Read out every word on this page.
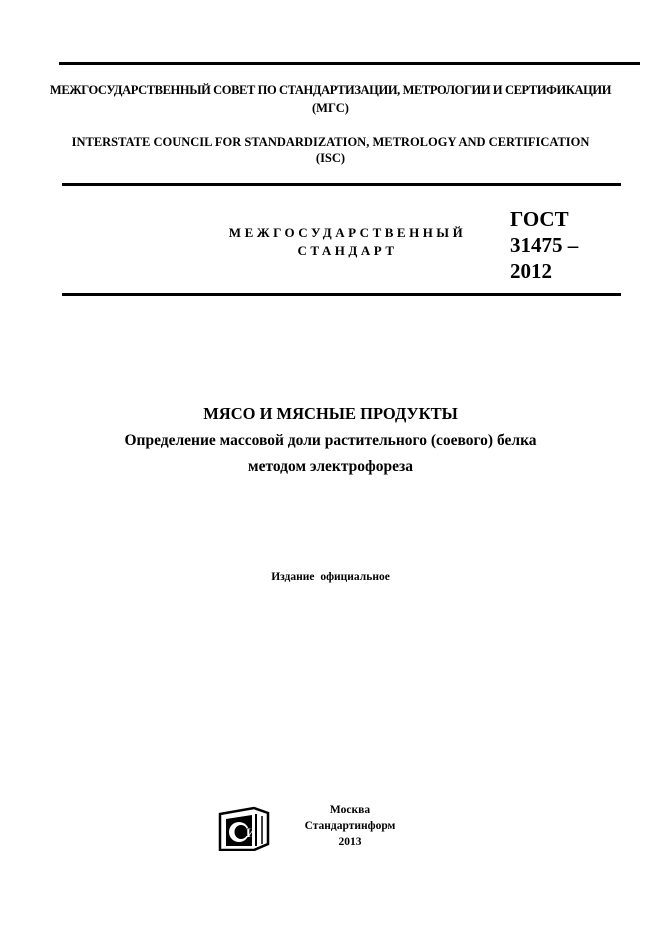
МЕЖГОСУДАРСТВЕННЫЙ СОВЕТ ПО СТАНДАРТИЗАЦИИ, МЕТРОЛОГИИ И СЕРТИФИКАЦИИ
(МГС)
INTERSTATE COUNCIL FOR STANDARDIZATION, METROLOGY AND CERTIFICATION
(ISC)
МЕЖГОСУДАРСТВЕННЫЙ
СТАНДАРТ
ГОСТ
31475 –
2012
МЯСО И МЯСНЫЕ ПРОДУКТЫ
Определение массовой доли растительного (соевого) белка
методом электрофореза
Издание официальное
И
Москва
Стандартинформ
2013
